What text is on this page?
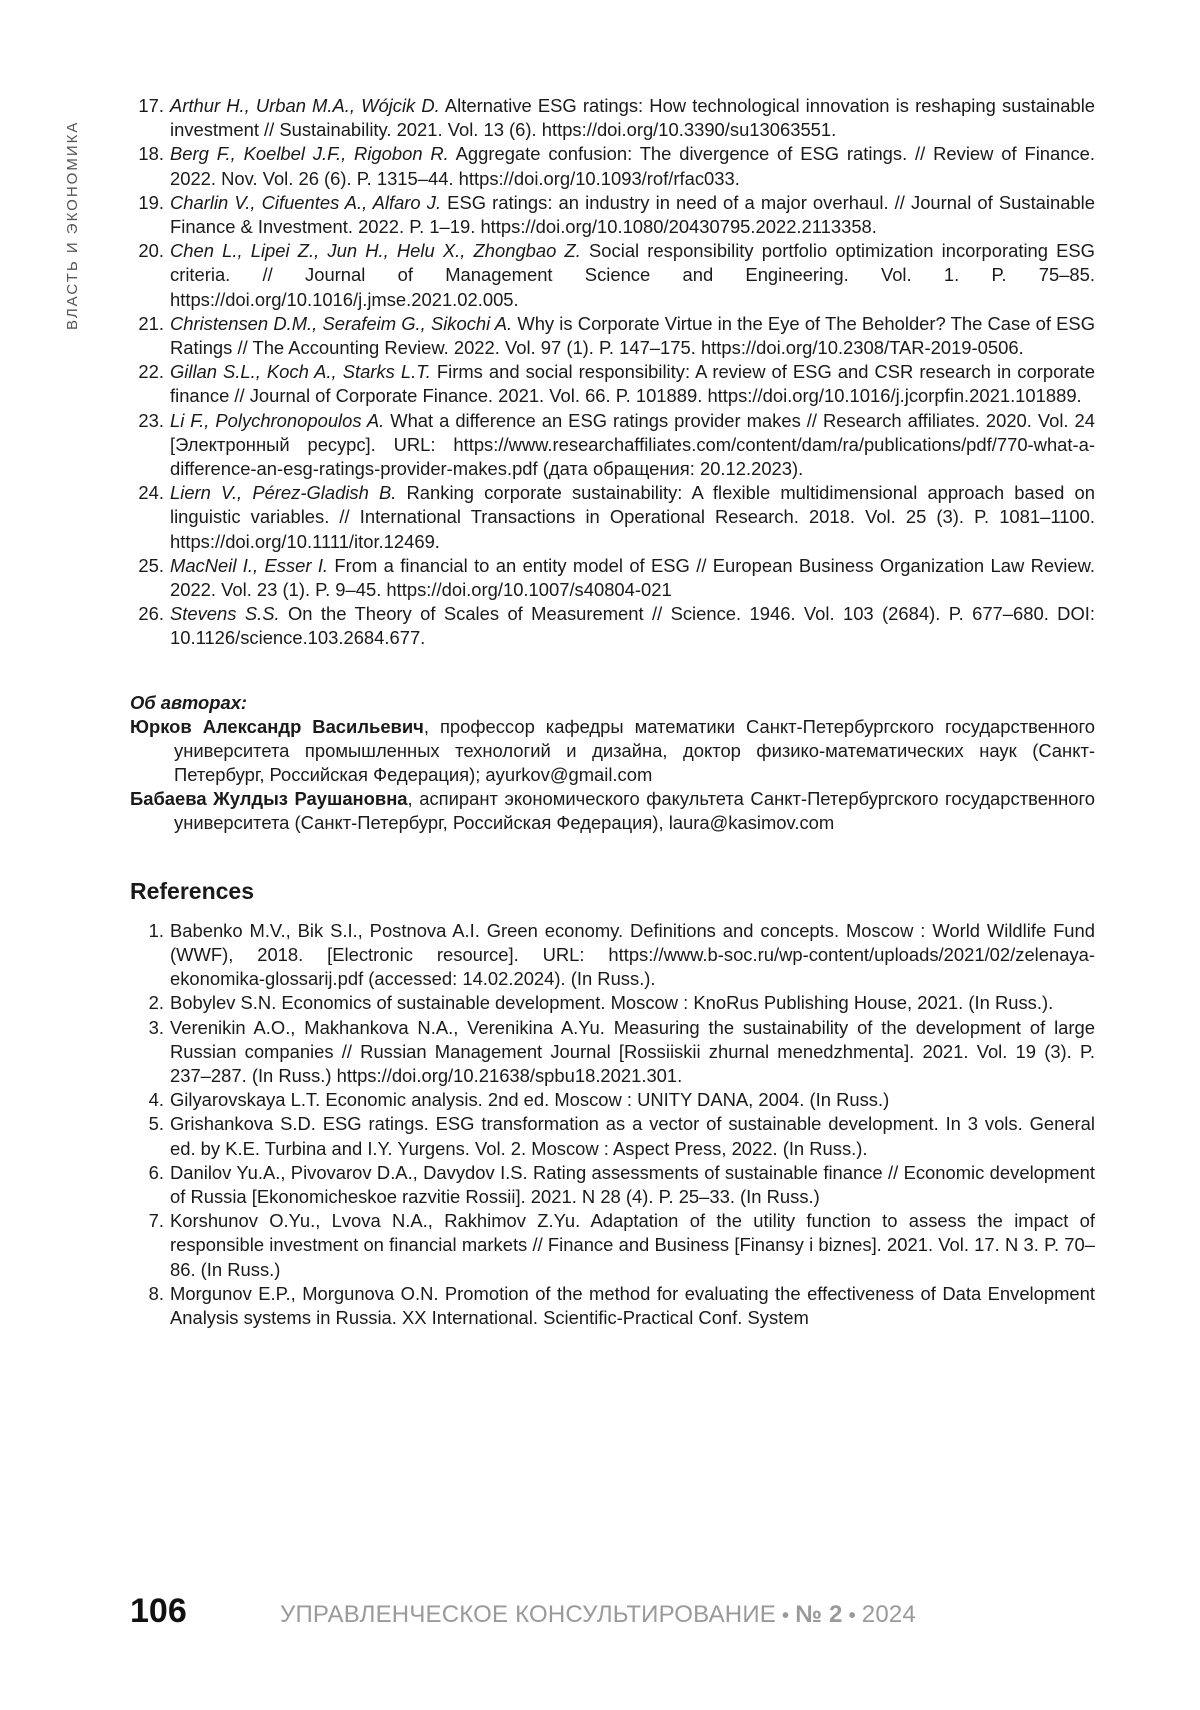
ВЛАСТЬ И ЭКОНОМИКА
17. Arthur H., Urban M.A., Wójcik D. Alternative ESG ratings: How technological innovation is reshaping sustainable investment // Sustainability. 2021. Vol. 13 (6). https://doi.org/10.3390/su13063551.
18. Berg F., Koelbel J.F., Rigobon R. Aggregate confusion: The divergence of ESG ratings. // Review of Finance. 2022. Nov. Vol. 26 (6). P. 1315–44. https://doi.org/10.1093/rof/rfac033.
19. Charlin V., Cifuentes A., Alfaro J. ESG ratings: an industry in need of a major overhaul. // Journal of Sustainable Finance & Investment. 2022. P. 1–19. https://doi.org/10.1080/20430795.2022.2113358.
20. Chen L., Lipei Z., Jun H., Helu X., Zhongbao Z. Social responsibility portfolio optimization incorporating ESG criteria. // Journal of Management Science and Engineering. Vol. 1. P. 75–85. https://doi.org/10.1016/j.jmse.2021.02.005.
21. Christensen D.M., Serafeim G., Sikochi A. Why is Corporate Virtue in the Eye of The Beholder? The Case of ESG Ratings // The Accounting Review. 2022. Vol. 97 (1). P. 147–175. https://doi.org/10.2308/TAR-2019-0506.
22. Gillan S.L., Koch A., Starks L.T. Firms and social responsibility: A review of ESG and CSR research in corporate finance // Journal of Corporate Finance. 2021. Vol. 66. P. 101889. https://doi.org/10.1016/j.jcorpfin.2021.101889.
23. Li F., Polychronopoulos A. What a difference an ESG ratings provider makes // Research affiliates. 2020. Vol. 24 [Электронный ресурс]. URL: https://www.researchaffiliates.com/content/dam/ra/publications/pdf/770-what-a-difference-an-esg-ratings-provider-makes.pdf (дата обращения: 20.12.2023).
24. Liern V., Pérez-Gladish B. Ranking corporate sustainability: A flexible multidimensional approach based on linguistic variables. // International Transactions in Operational Research. 2018. Vol. 25 (3). P. 1081–1100. https://doi.org/10.1111/itor.12469.
25. MacNeil I., Esser I. From a financial to an entity model of ESG // European Business Organization Law Review. 2022. Vol. 23 (1). P. 9–45. https://doi.org/10.1007/s40804-021
26. Stevens S.S. On the Theory of Scales of Measurement // Science. 1946. Vol. 103 (2684). P. 677–680. DOI: 10.1126/science.103.2684.677.
Об авторах:
Юрков Александр Васильевич, профессор кафедры математики Санкт-Петербургского государственного университета промышленных технологий и дизайна, доктор физико-математических наук (Санкт-Петербург, Российская Федерация); ayurkov@gmail.com
Бабаева Жулдыз Раушановна, аспирант экономического факультета Санкт-Петербургского государственного университета (Санкт-Петербург, Российская Федерация), laura@kasimov.com
References
1. Babenko M.V., Bik S.I., Postnova A.I. Green economy. Definitions and concepts. Moscow : World Wildlife Fund (WWF), 2018. [Electronic resource]. URL: https://www.b-soc.ru/wp-content/uploads/2021/02/zelenaya-ekonomika-glossarij.pdf (accessed: 14.02.2024). (In Russ.).
2. Bobylev S.N. Economics of sustainable development. Moscow : KnoRus Publishing House, 2021. (In Russ.).
3. Verenikin A.O., Makhankova N.A., Verenikina A.Yu. Measuring the sustainability of the development of large Russian companies // Russian Management Journal [Rossiiskii zhurnal menedzhmenta]. 2021. Vol. 19 (3). P. 237–287. (In Russ.) https://doi.org/10.21638/spbu18.2021.301.
4. Gilyarovskaya L.T. Economic analysis. 2nd ed. Moscow : UNITY DANA, 2004. (In Russ.)
5. Grishankova S.D. ESG ratings. ESG transformation as a vector of sustainable development. In 3 vols. General ed. by K.E. Turbina and I.Y. Yurgens. Vol. 2. Moscow : Aspect Press, 2022. (In Russ.).
6. Danilov Yu.A., Pivovarov D.A., Davydov I.S. Rating assessments of sustainable finance // Economic development of Russia [Ekonomicheskoe razvitie Rossii]. 2021. N 28 (4). P. 25–33. (In Russ.)
7. Korshunov O.Yu., Lvova N.A., Rakhimov Z.Yu. Adaptation of the utility function to assess the impact of responsible investment on financial markets // Finance and Business [Finansy i biznes]. 2021. Vol. 17. N 3. P. 70–86. (In Russ.)
8. Morgunov E.P., Morgunova O.N. Promotion of the method for evaluating the effectiveness of Data Envelopment Analysis systems in Russia. XX International. Scientific-Practical Conf. System
106	УПРАВЛЕНЧЕСКОЕ КОНСУЛЬТИРОВАНИЕ • № 2 • 2024
